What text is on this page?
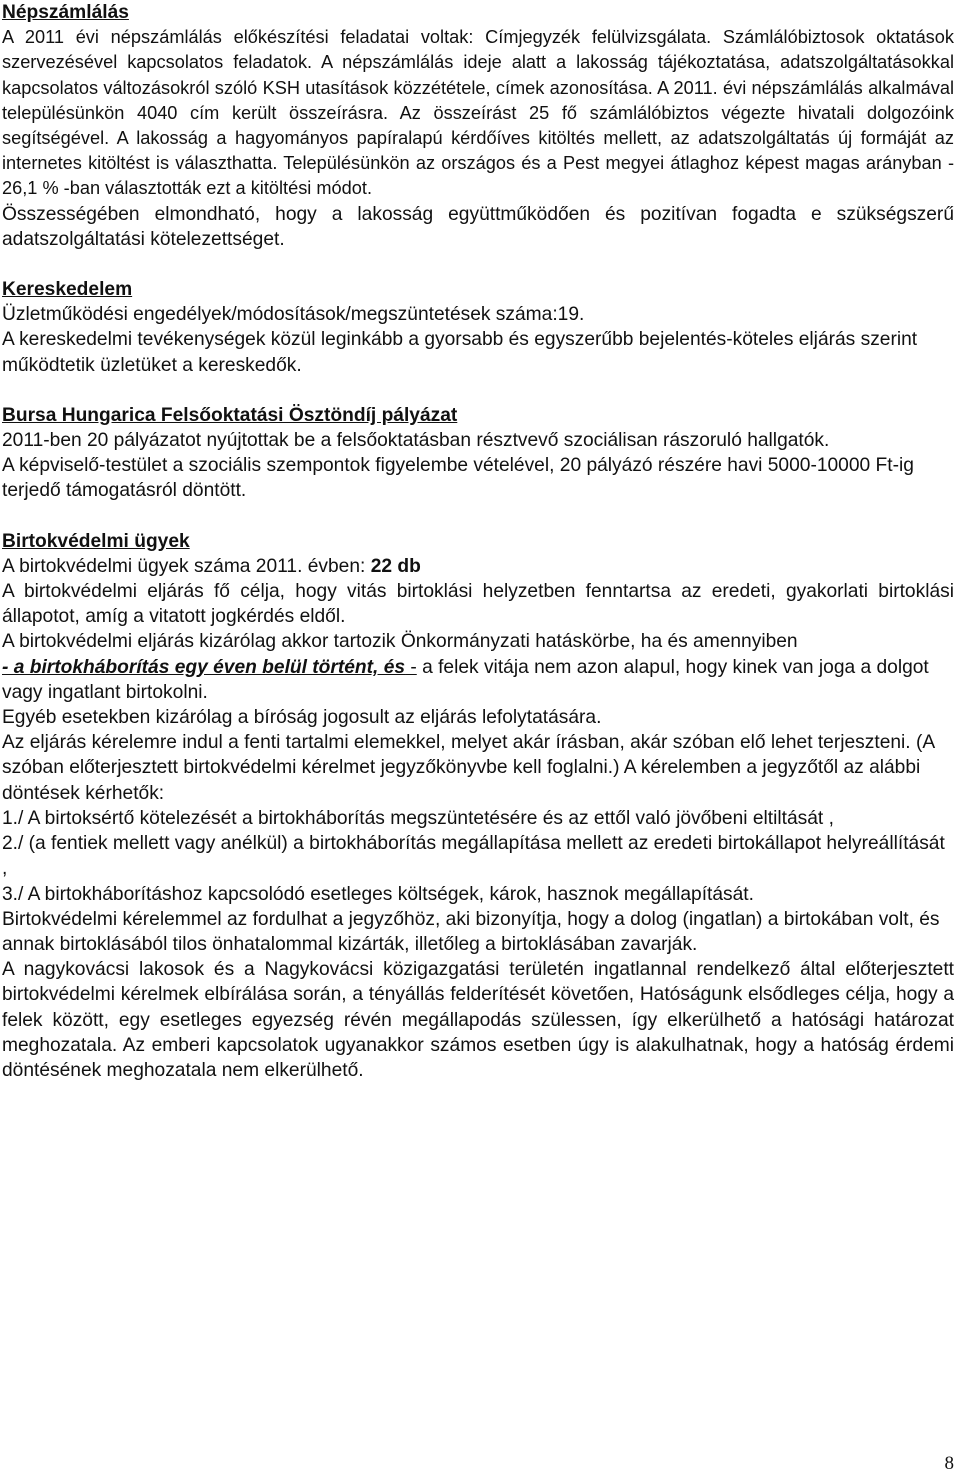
Népszámlálás

A 2011 évi népszámlálás előkészítési feladatai voltak: Címjegyzék felülvizsgálata. Számlálóbiztosok oktatások szervezésével kapcsolatos feladatok. A népszámlálás ideje alatt a lakosság tájékoztatása, adatszolgáltatásokkal kapcsolatos változásokról szóló KSH utasítások közzététele, címek azonosítása. A 2011. évi népszámlálás alkalmával településünkön 4040 cím került összeírásra. Az összeírást 25 fő számlálóbiztos végezte hivatali dolgozóink segítségével. A lakosság a hagyományos papíralapú kérdőíves kitöltés mellett, az adatszolgáltatás új formáját az internetes kitöltést is választhatta. Településünkön az országos és a Pest megyei átlaghoz képest magas arányban - 26,1 % -ban választották ezt a kitöltési módot.

Összességében elmondható, hogy a lakosság együttműködően és pozitívan fogadta e szükségszerű adatszolgáltatási kötelezettséget.

Kereskedelem

Üzletműködési engedélyek/módosítások/megszüntetések száma:19.

A kereskedelmi tevékenységek közül leginkább a gyorsabb és egyszerűbb bejelentés-köteles eljárás szerint működtetik üzletüket a kereskedők.

Bursa Hungarica Felsőoktatási Ösztöndíj pályázat

2011-ben 20 pályázatot nyújtottak be a felsőoktatásban résztvevő szociálisan rászoruló hallgatók.

A képviselő-testület a szociális szempontok figyelembe vételével, 20 pályázó részére havi 5000-10000 Ft-ig terjedő támogatásról döntött.

Birtokvédelmi ügyek

A birtokvédelmi ügyek száma 2011. évben: 22 db

A birtokvédelmi eljárás fő célja, hogy vitás birtoklási helyzetben fenntartsa az eredeti, gyakorlati birtoklási állapotot, amíg a vitatott jogkérdés eldől.

A birtokvédelmi eljárás kizárólag akkor tartozik Önkormányzati hatáskörbe, ha és amennyiben

- a birtokháborítás egy éven belül történt, és - a felek vitája nem azon alapul, hogy kinek van joga a dolgot vagy ingatlant birtokolni.

Egyéb esetekben kizárólag a bíróság jogosult az eljárás lefolytatására.

Az eljárás kérelemre indul a fenti tartalmi elemekkel, melyet akár írásban, akár szóban elő lehet terjeszteni. (A szóban előterjesztett birtokvédelmi kérelmet jegyzőkönyvbe kell foglalni.) A kérelemben a jegyzőtől az alábbi döntések kérhetők:

1./ A birtoksértő kötelezését a birtokháborítás megszüntetésére és az ettől való jövőbeni eltiltását ,

2./ (a fentiek mellett vagy anélkül) a birtokháborítás megállapítása mellett az eredeti birtokállapot helyreállítását ,

3./ A birtokháborításhoz kapcsolódó esetleges költségek, károk, hasznok megállapítását.

Birtokvédelmi kérelemmel az fordulhat a jegyzőhöz, aki bizonyítja, hogy a dolog (ingatlan) a birtokában volt, és annak birtoklásából tilos önhatalommal kizárták, illetőleg a birtoklásában zavarják.

A nagykovácsi lakosok és a Nagykovácsi közigazgatási területén ingatlannal rendelkező által előterjesztett birtokvédelmi kérelmek elbírálása során, a tényállás felderítését követően, Hatóságunk elsődleges célja, hogy a felek között, egy esetleges egyezség révén megállapodás szülessen, így elkerülhető a hatósági határozat meghozatala. Az emberi kapcsolatok ugyanakkor számos esetben úgy is alakulhatnak, hogy a hatóság érdemi döntésének meghozatala nem elkerülhető.

8
